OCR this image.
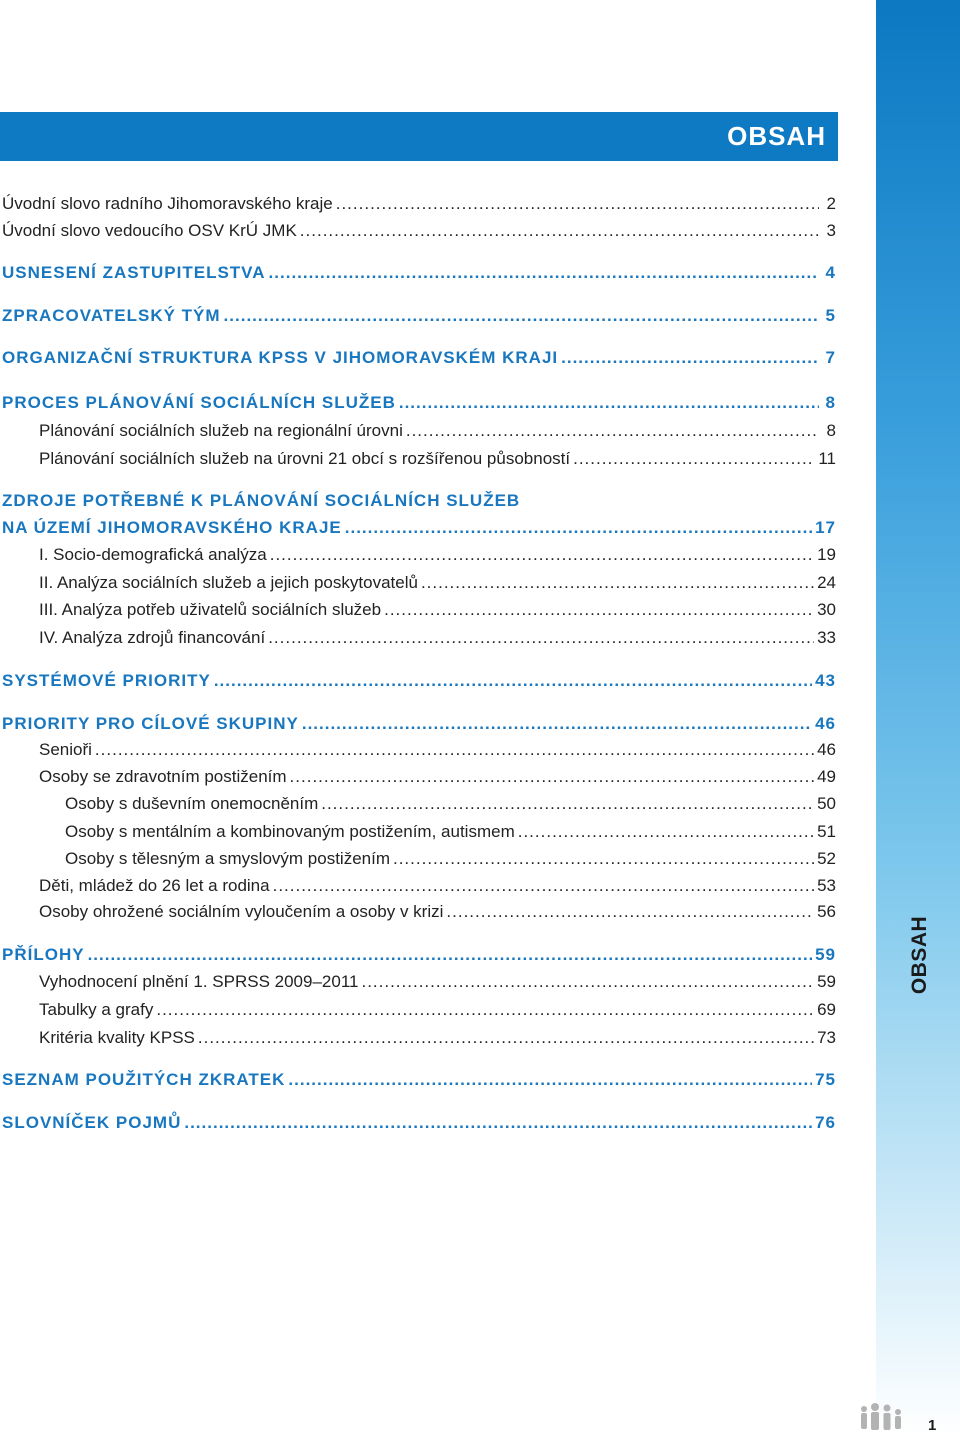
OBSAH
OBSAH
Úvodní slovo radního Jihomoravského kraje .....	2
Úvodní slovo vedoucího OSV KrÚ JMK .....	3
USNESENÍ ZASTUPITELSTVA .....	4
ZPRACOVATELSKÝ TÝM .....	5
ORGANIZAČNÍ STRUKTURA KPSS V JIHOMORAVSKÉM KRAJI .....	7
PROCES PLÁNOVÁNÍ SOCIÁLNÍCH SLUŽEB .....	8
Plánování sociálních služeb na regionální úrovni .....	8
Plánování sociálních služeb na úrovni 21 obcí s rozšířenou působností .....	11
ZDROJE POTŘEBNÉ K PLÁNOVÁNÍ SOCIÁLNÍCH SLUŽEB
NA ÚZEMÍ JIHOMORAVSKÉHO KRAJE .....	17
I. Socio-demografická analýza .....	19
II. Analýza sociálních služeb a jejich poskytovatelů .....	24
III. Analýza potřeb uživatelů sociálních služeb .....	30
IV. Analýza zdrojů financování .....	33
SYSTÉMOVÉ PRIORITY .....	43
PRIORITY PRO CÍLOVÉ SKUPINY .....	46
Senioři .....	46
Osoby se zdravotním postižením .....	49
Osoby s duševním onemocněním .....	50
Osoby s mentálním a kombinovaným postižením, autismem .....	51
Osoby s tělesným a smyslovým postižením .....	52
Děti, mládež do 26 let a rodina .....	53
Osoby ohrožené sociálním vyloučením a osoby v krizi .....	56
PŘÍLOHY .....	59
Vyhodnocení plnění 1. SPRSS 2009–2011 .....	59
Tabulky a grafy .....	69
Kritéria kvality KPSS .....	73
SEZNAM POUŽITÝCH ZKRATEK .....	75
SLOVNÍČEK POJMŮ .....	76
1
